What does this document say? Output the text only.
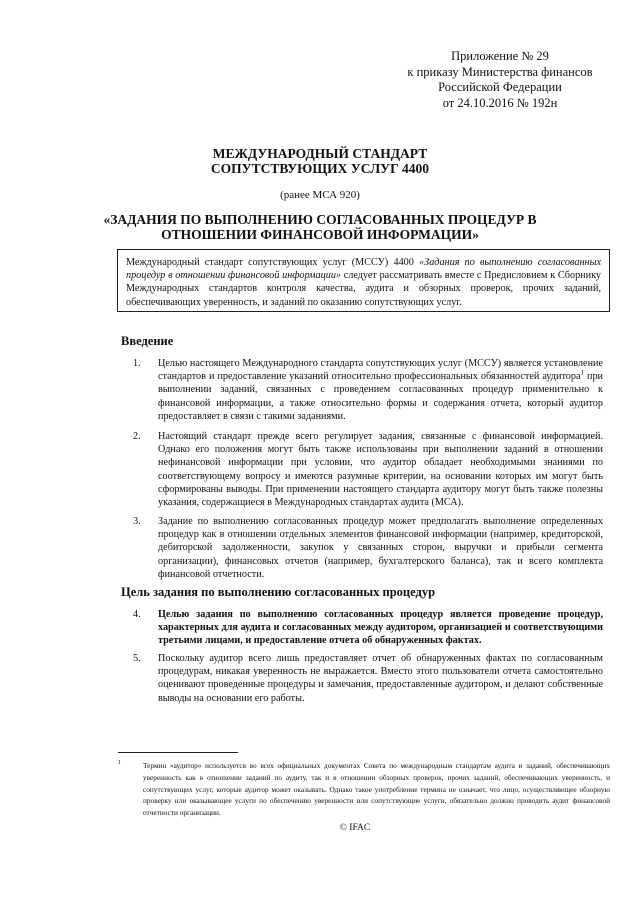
Приложение № 29
к приказу Министерства финансов
Российской Федерации
от 24.10.2016 № 192н
МЕЖДУНАРОДНЫЙ СТАНДАРТ
СОПУТСТВУЮЩИХ УСЛУГ 4400
(ранее МСА 920)
«ЗАДАНИЯ ПО ВЫПОЛНЕНИЮ СОГЛАСОВАННЫХ ПРОЦЕДУР В
ОТНОШЕНИИ ФИНАНСОВОЙ ИНФОРМАЦИИ»
Международный стандарт сопутствующих услуг (МССУ) 4400 «Задания по выполнению согласованных процедур в отношении финансовой информации» следует рассматривать вместе с Предисловием к Сборнику Международных стандартов контроля качества, аудита и обзорных проверок, прочих заданий, обеспечивающих уверенность, и заданий по оказанию сопутствующих услуг.
Введение
1. Целью настоящего Международного стандарта сопутствующих услуг (МССУ) является установление стандартов и предоставление указаний относительно профессиональных обязанностей аудитора$^1$ при выполнении заданий, связанных с проведением согласованных процедур применительно к финансовой информации, а также относительно формы и содержания отчета, который аудитор предоставляет в связи с такими заданиями.
2. Настоящий стандарт прежде всего регулирует задания, связанные с финансовой информацией. Однако его положения могут быть также использованы при выполнении заданий в отношении нефинансовой информации при условии, что аудитор обладает необходимыми знаниями по соответствующему вопросу и имеются разумные критерии, на основании которых им могут быть сформированы выводы. При применении настоящего стандарта аудитору могут быть также полезны указания, содержащиеся в Международных стандартах аудита (МСА).
3. Задание по выполнению согласованных процедур может предполагать выполнение определенных процедур как в отношении отдельных элементов финансовой информации (например, кредиторской, дебиторской задолженности, закупок у связанных сторон, выручки и прибыли сегмента организации), финансовых отчетов (например, бухгалтерского баланса), так и всего комплекта финансовой отчетности.
Цель задания по выполнению согласованных процедур
4. Целью задания по выполнению согласованных процедур является проведение процедур, характерных для аудита и согласованных между аудитором, организацией и соответствующими третьими лицами, и предоставление отчета об обнаруженных фактах.
5. Поскольку аудитор всего лишь предоставляет отчет об обнаруженных фактах по согласованным процедурам, никакая уверенность не выражается. Вместо этого пользователи отчета самостоятельно оценивают проведенные процедуры и замечания, предоставленные аудитором, и делают собственные выводы на основании его работы.
1	Термин «аудитор» используется во всех официальных документах Совета по международным стандартам аудита и заданий, обеспечивающих уверенность как в отношении заданий по аудиту, так и в отношении обзорных проверок, прочих заданий, обеспечивающих уверенность, и сопутствующих услуг, которые аудитор может оказывать. Однако такое употребление термина не означает, что лицо, осуществляющее обзорную проверку или оказывающее услуги по обеспечению уверенности или сопутствующие услуги, обязательно должно проводить аудит финансовой отчетности организации.
© IFAC
